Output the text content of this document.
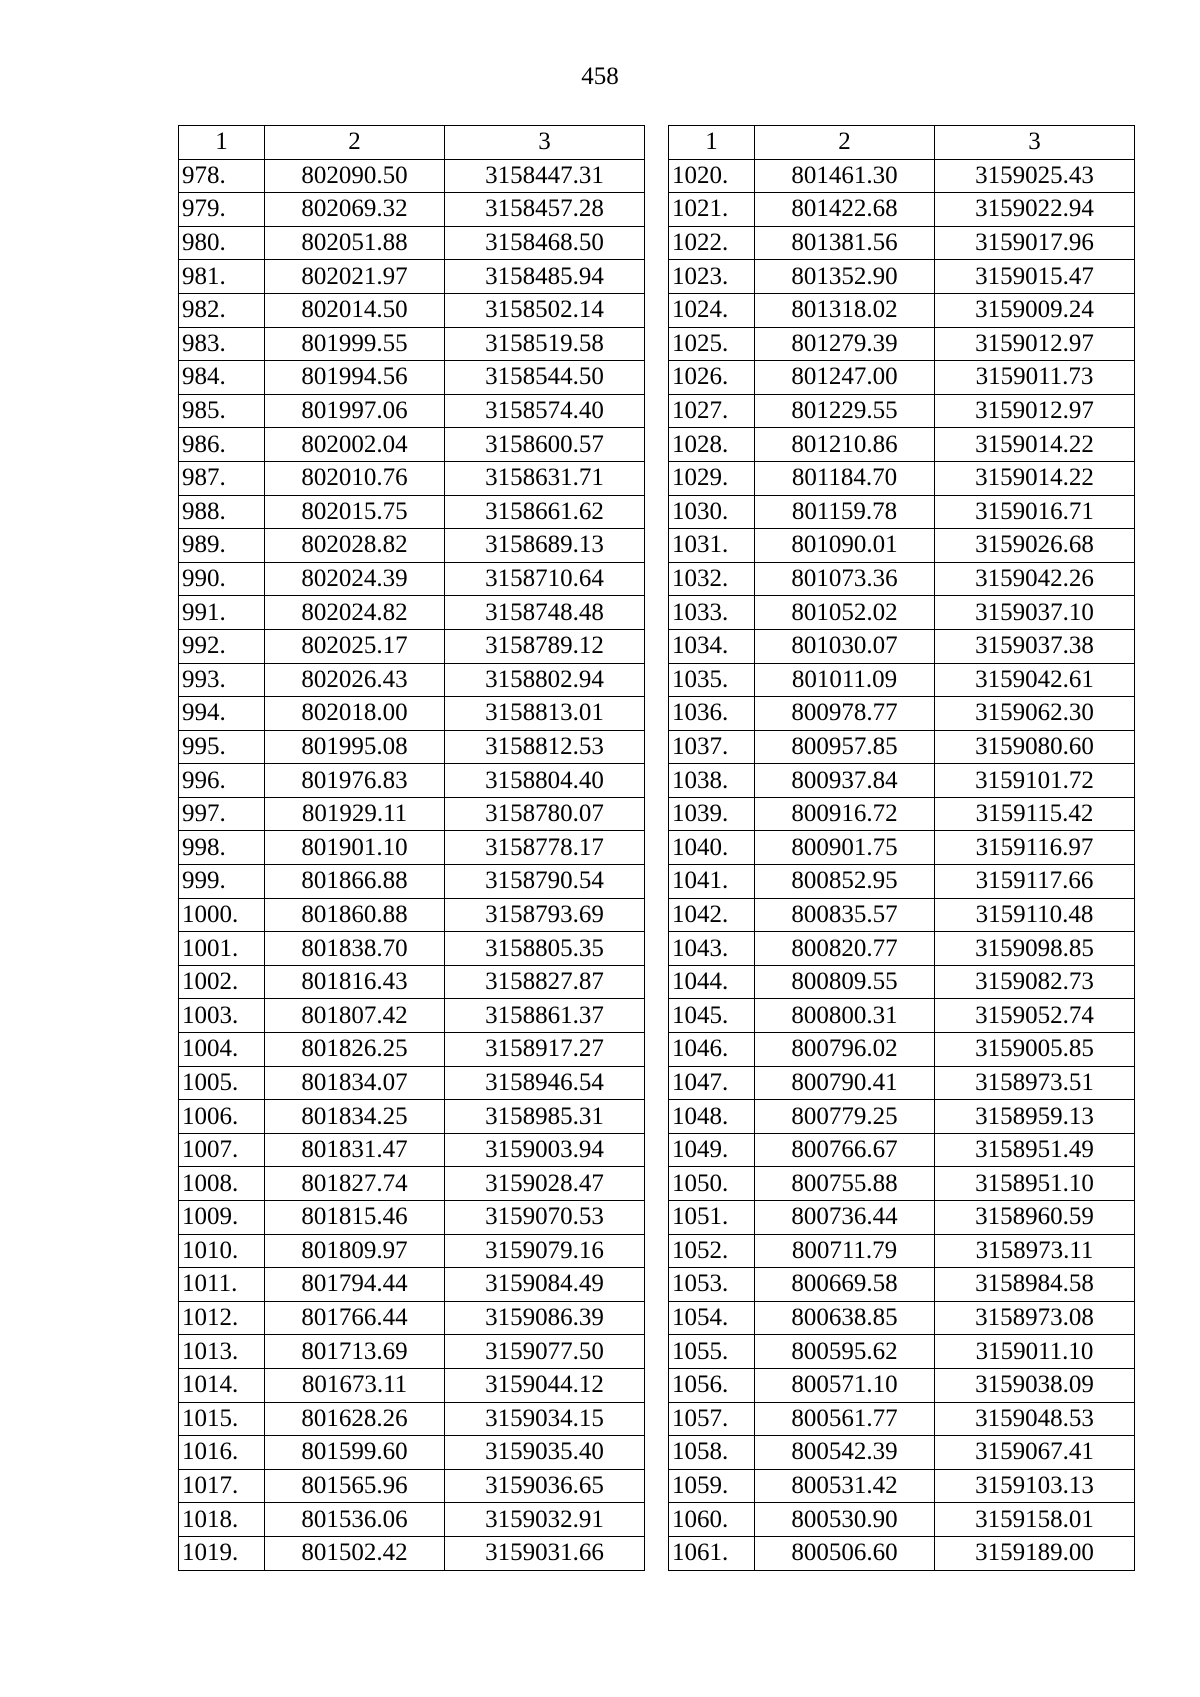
458
1	2	3
978.	802090.50	3158447.31
979.	802069.32	3158457.28
980.	802051.88	3158468.50
981.	802021.97	3158485.94
982.	802014.50	3158502.14
983.	801999.55	3158519.58
984.	801994.56	3158544.50
985.	801997.06	3158574.40
986.	802002.04	3158600.57
987.	802010.76	3158631.71
988.	802015.75	3158661.62
989.	802028.82	3158689.13
990.	802024.39	3158710.64
991.	802024.82	3158748.48
992.	802025.17	3158789.12
993.	802026.43	3158802.94
994.	802018.00	3158813.01
995.	801995.08	3158812.53
996.	801976.83	3158804.40
997.	801929.11	3158780.07
998.	801901.10	3158778.17
999.	801866.88	3158790.54
1000.	801860.88	3158793.69
1001.	801838.70	3158805.35
1002.	801816.43	3158827.87
1003.	801807.42	3158861.37
1004.	801826.25	3158917.27
1005.	801834.07	3158946.54
1006.	801834.25	3158985.31
1007.	801831.47	3159003.94
1008.	801827.74	3159028.47
1009.	801815.46	3159070.53
1010.	801809.97	3159079.16
1011.	801794.44	3159084.49
1012.	801766.44	3159086.39
1013.	801713.69	3159077.50
1014.	801673.11	3159044.12
1015.	801628.26	3159034.15
1016.	801599.60	3159035.40
1017.	801565.96	3159036.65
1018.	801536.06	3159032.91
1019.	801502.42	3159031.66
1	2	3
1020.	801461.30	3159025.43
1021.	801422.68	3159022.94
1022.	801381.56	3159017.96
1023.	801352.90	3159015.47
1024.	801318.02	3159009.24
1025.	801279.39	3159012.97
1026.	801247.00	3159011.73
1027.	801229.55	3159012.97
1028.	801210.86	3159014.22
1029.	801184.70	3159014.22
1030.	801159.78	3159016.71
1031.	801090.01	3159026.68
1032.	801073.36	3159042.26
1033.	801052.02	3159037.10
1034.	801030.07	3159037.38
1035.	801011.09	3159042.61
1036.	800978.77	3159062.30
1037.	800957.85	3159080.60
1038.	800937.84	3159101.72
1039.	800916.72	3159115.42
1040.	800901.75	3159116.97
1041.	800852.95	3159117.66
1042.	800835.57	3159110.48
1043.	800820.77	3159098.85
1044.	800809.55	3159082.73
1045.	800800.31	3159052.74
1046.	800796.02	3159005.85
1047.	800790.41	3158973.51
1048.	800779.25	3158959.13
1049.	800766.67	3158951.49
1050.	800755.88	3158951.10
1051.	800736.44	3158960.59
1052.	800711.79	3158973.11
1053.	800669.58	3158984.58
1054.	800638.85	3158973.08
1055.	800595.62	3159011.10
1056.	800571.10	3159038.09
1057.	800561.77	3159048.53
1058.	800542.39	3159067.41
1059.	800531.42	3159103.13
1060.	800530.90	3159158.01
1061.	800506.60	3159189.00
